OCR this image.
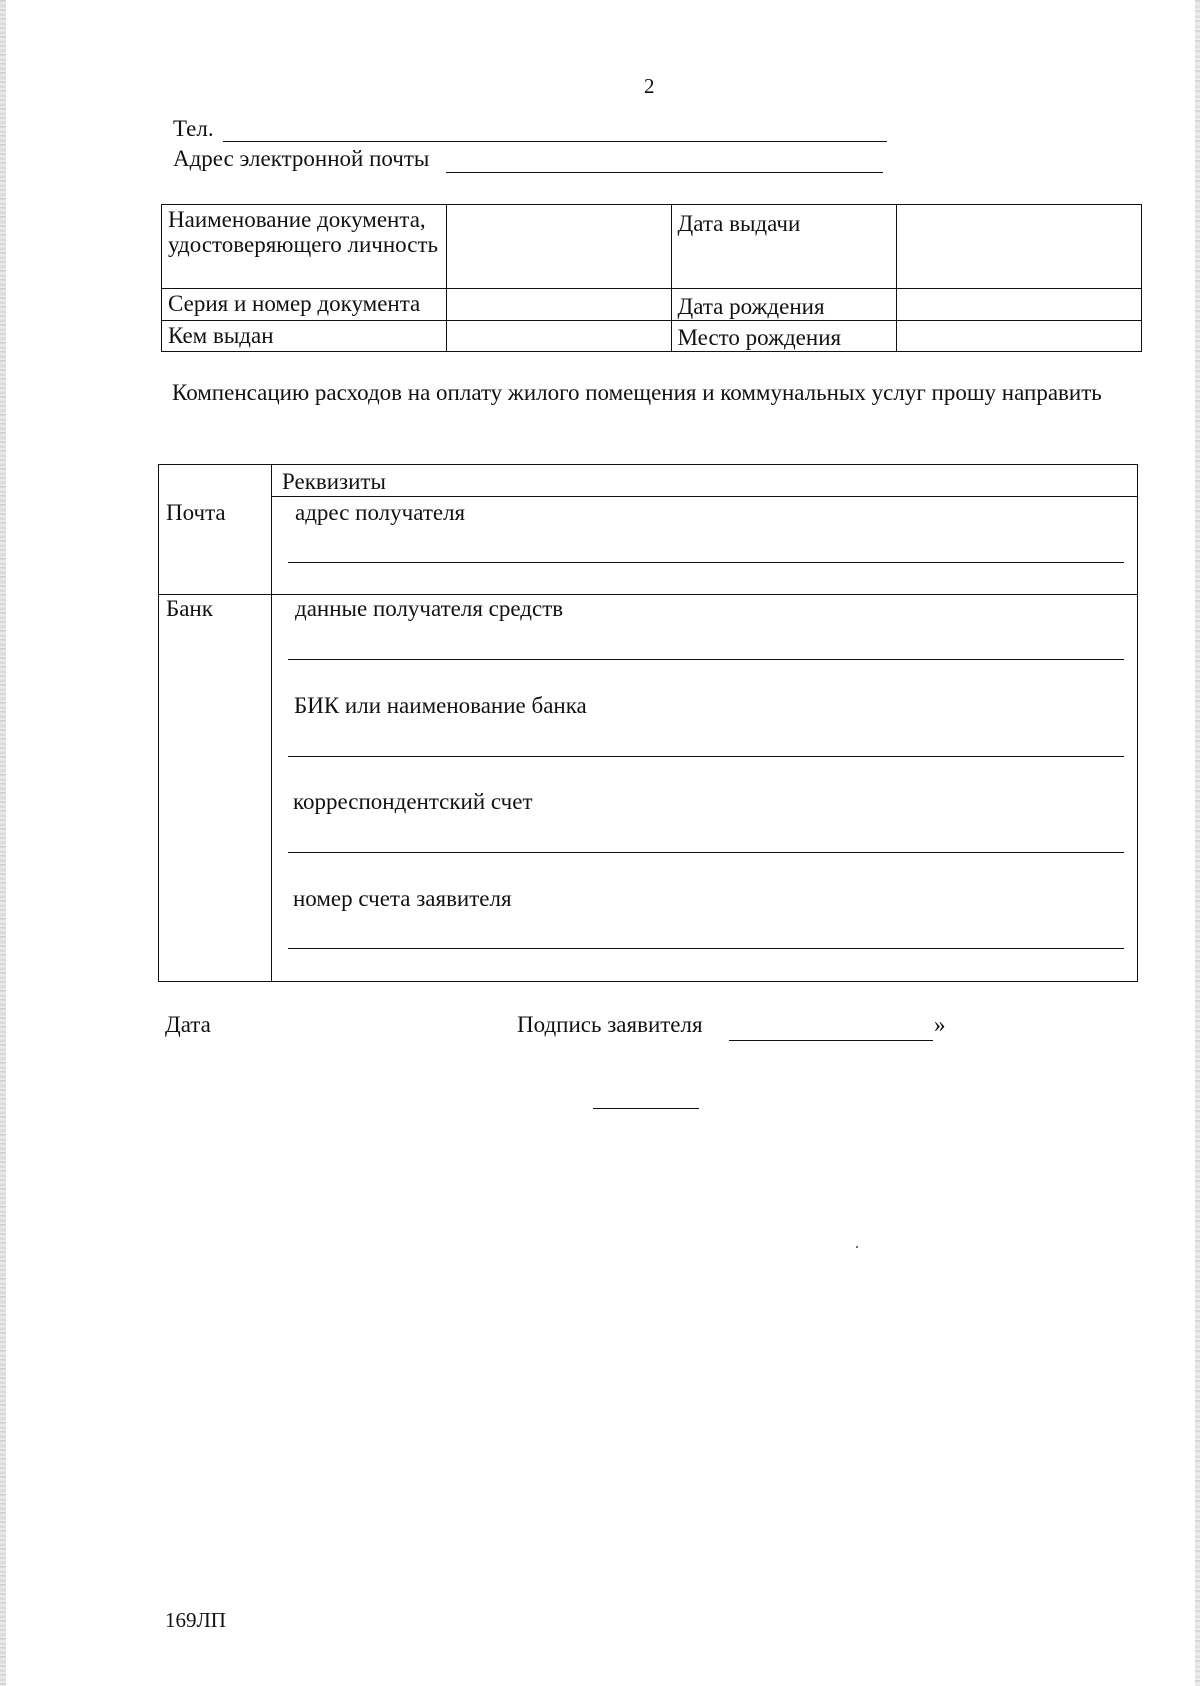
2
Тел.
Адрес электронной почты
Наименование документа, удостоверяющего личность		Дата выдачи	
Серия и номер документа		Дата рождения	
Кем выдан		Место рождения	
Компенсацию расходов на оплату жилого помещения и коммунальных услуг прошу направить
Реквизиты
Почта	адрес получателя
Банк	данные получателя средств
БИК или наименование банка
корреспондентский счет
номер счета заявителя
Дата	Подпись заявителя	»
169ЛП
